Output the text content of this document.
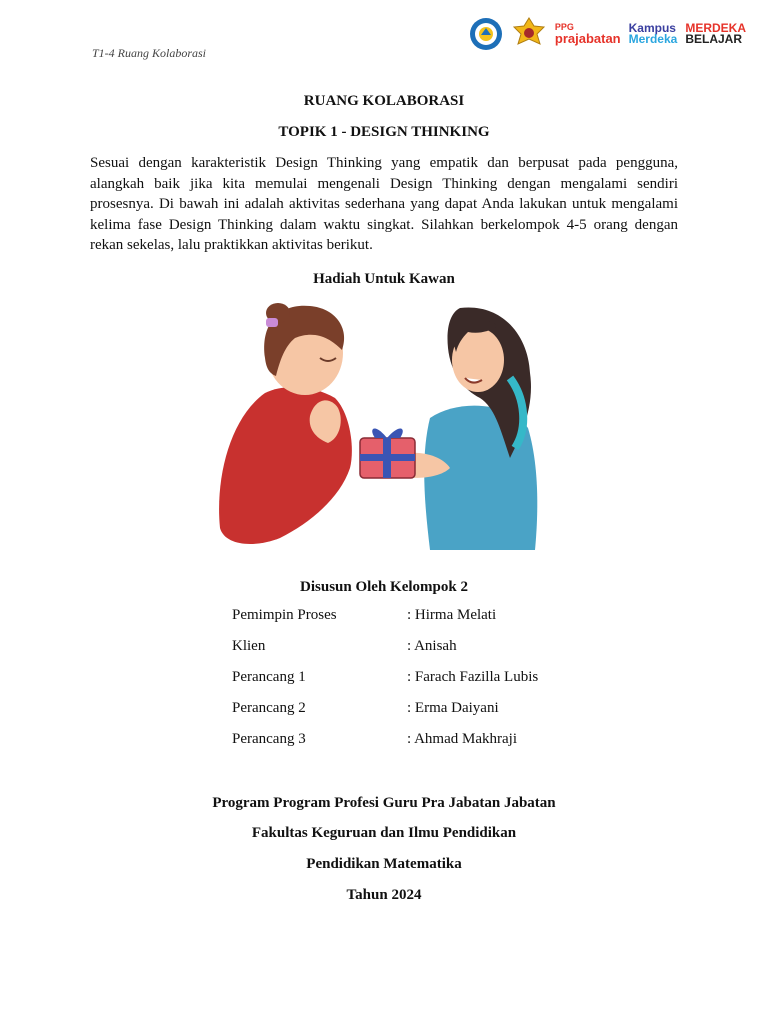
T1-4 Ruang Kolaborasi
PPG
prajabatan
Kampus
Merdeka
MERDEKA
BELAJAR
RUANG KOLABORASI
TOPIK 1 - DESIGN THINKING
Sesuai dengan karakteristik Design Thinking yang empatik dan berpusat pada pengguna, alangkah baik jika kita memulai mengenali Design Thinking dengan mengalami sendiri prosesnya. Di bawah ini adalah aktivitas sederhana yang dapat Anda lakukan untuk mengalami kelima fase Design Thinking dalam waktu singkat. Silahkan berkelompok 4-5 orang dengan rekan sekelas, lalu praktikkan aktivitas berikut.
Hadiah Untuk Kawan
Disusun Oleh Kelompok 2
Pemimpin Proses	: Hirma Melati
Klien	: Anisah
Perancang 1	: Farach Fazilla Lubis
Perancang 2	: Erma Daiyani
Perancang 3	: Ahmad Makhraji
Program Program Profesi Guru Pra Jabatan Jabatan
Fakultas Keguruan dan Ilmu Pendidikan
Pendidikan Matematika
Tahun 2024
